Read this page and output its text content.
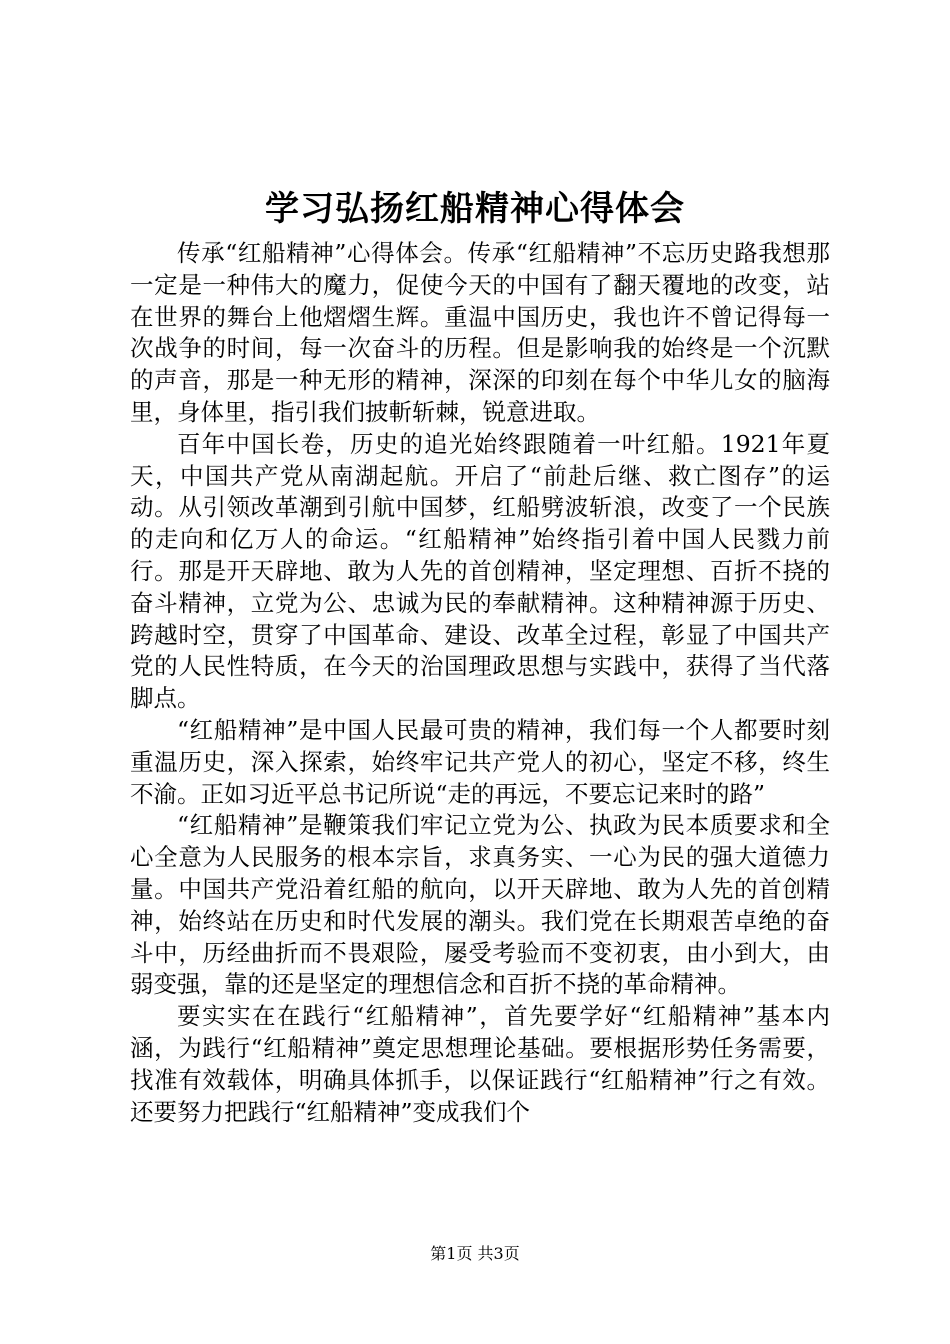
学习弘扬红船精神心得体会

传承“红船精神”心得体会。传承“红船精神”不忘历史路我想那一定是一种伟大的魔力，促使今天的中国有了翻天覆地的改变，站在世界的舞台上他熠熠生辉。重温中国历史，我也许不曾记得每一次战争的时间，每一次奋斗的历程。但是影响我的始终是一个沉默的声音，那是一种无形的精神，深深的印刻在每个中华儿女的脑海里，身体里，指引我们披斬斩棘，锐意进取。

百年中国长卷，历史的追光始终跟随着一叶红船。1921年夏天，中国共产党从南湖起航。开启了“前赴后继、救亡图存”的运动。从引领改革潮到引航中国梦，红船劈波斩浪，改变了一个民族的走向和亿万人的命运。“红船精神”始终指引着中国人民戮力前行。那是开天辟地、敢为人先的首创精神，坚定理想、百折不挠的奋斗精神，立党为公、忠诚为民的奉献精神。这种精神源于历史、跨越时空，贯穿了中国革命、建设、改革全过程，彰显了中国共产党的人民性特质，在今天的治国理政思想与实践中，获得了当代落脚点。

“红船精神”是中国人民最可贵的精神，我们每一个人都要时刻重温历史，深入探索，始终牢记共产党人的初心，坚定不移，终生不渝。正如习近平总书记所说“走的再远，不要忘记来时的路”

“红船精神”是鞭策我们牢记立党为公、执政为民本质要求和全心全意为人民服务的根本宗旨，求真务实、一心为民的强大道德力量。中国共产党沿着红船的航向，以开天辟地、敢为人先的首创精神，始终站在历史和时代发展的潮头。我们党在长期艰苦卓绝的奋斗中，历经曲折而不畏艰险，屡受考验而不变初衷，由小到大，由弱变强，靠的还是坚定的理想信念和百折不挠的革命精神。

要实实在在践行“红船精神”，首先要学好“红船精神”基本内涵，为践行“红船精神”奠定思想理论基础。要根据形势任务需要，找准有效载体，明确具体抓手，以保证践行“红船精神”行之有效。还要努力把践行“红船精神”变成我们个

第1页 共3页
